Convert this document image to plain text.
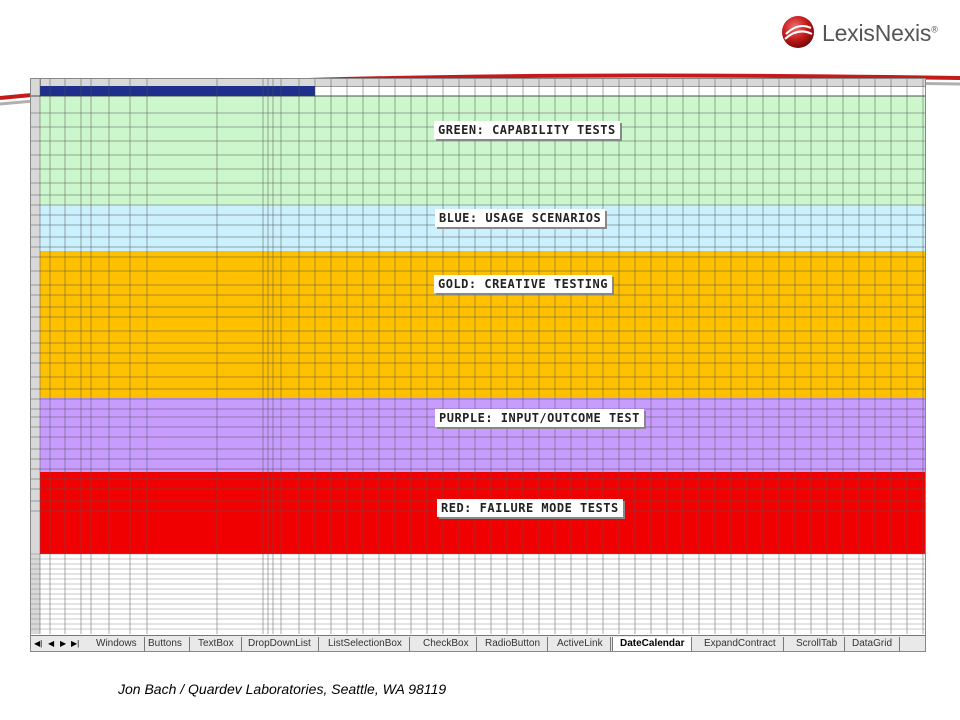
LexisNexis®
GREEN: CAPABILITY TESTS
BLUE: USAGE SCENARIOS
GOLD: CREATIVE TESTING
PURPLE: INPUT/OUTCOME TEST
RED: FAILURE MODE TESTS
◀| ◀ ▶ ▶|	Windows	Buttons	TextBox	DropDownList	ListSelectionBox	CheckBox	RadioButton	ActiveLink	DateCalendar	ExpandContract	ScrollTab	DataGrid
Jon Bach / Quardev Laboratories, Seattle, WA 98119
